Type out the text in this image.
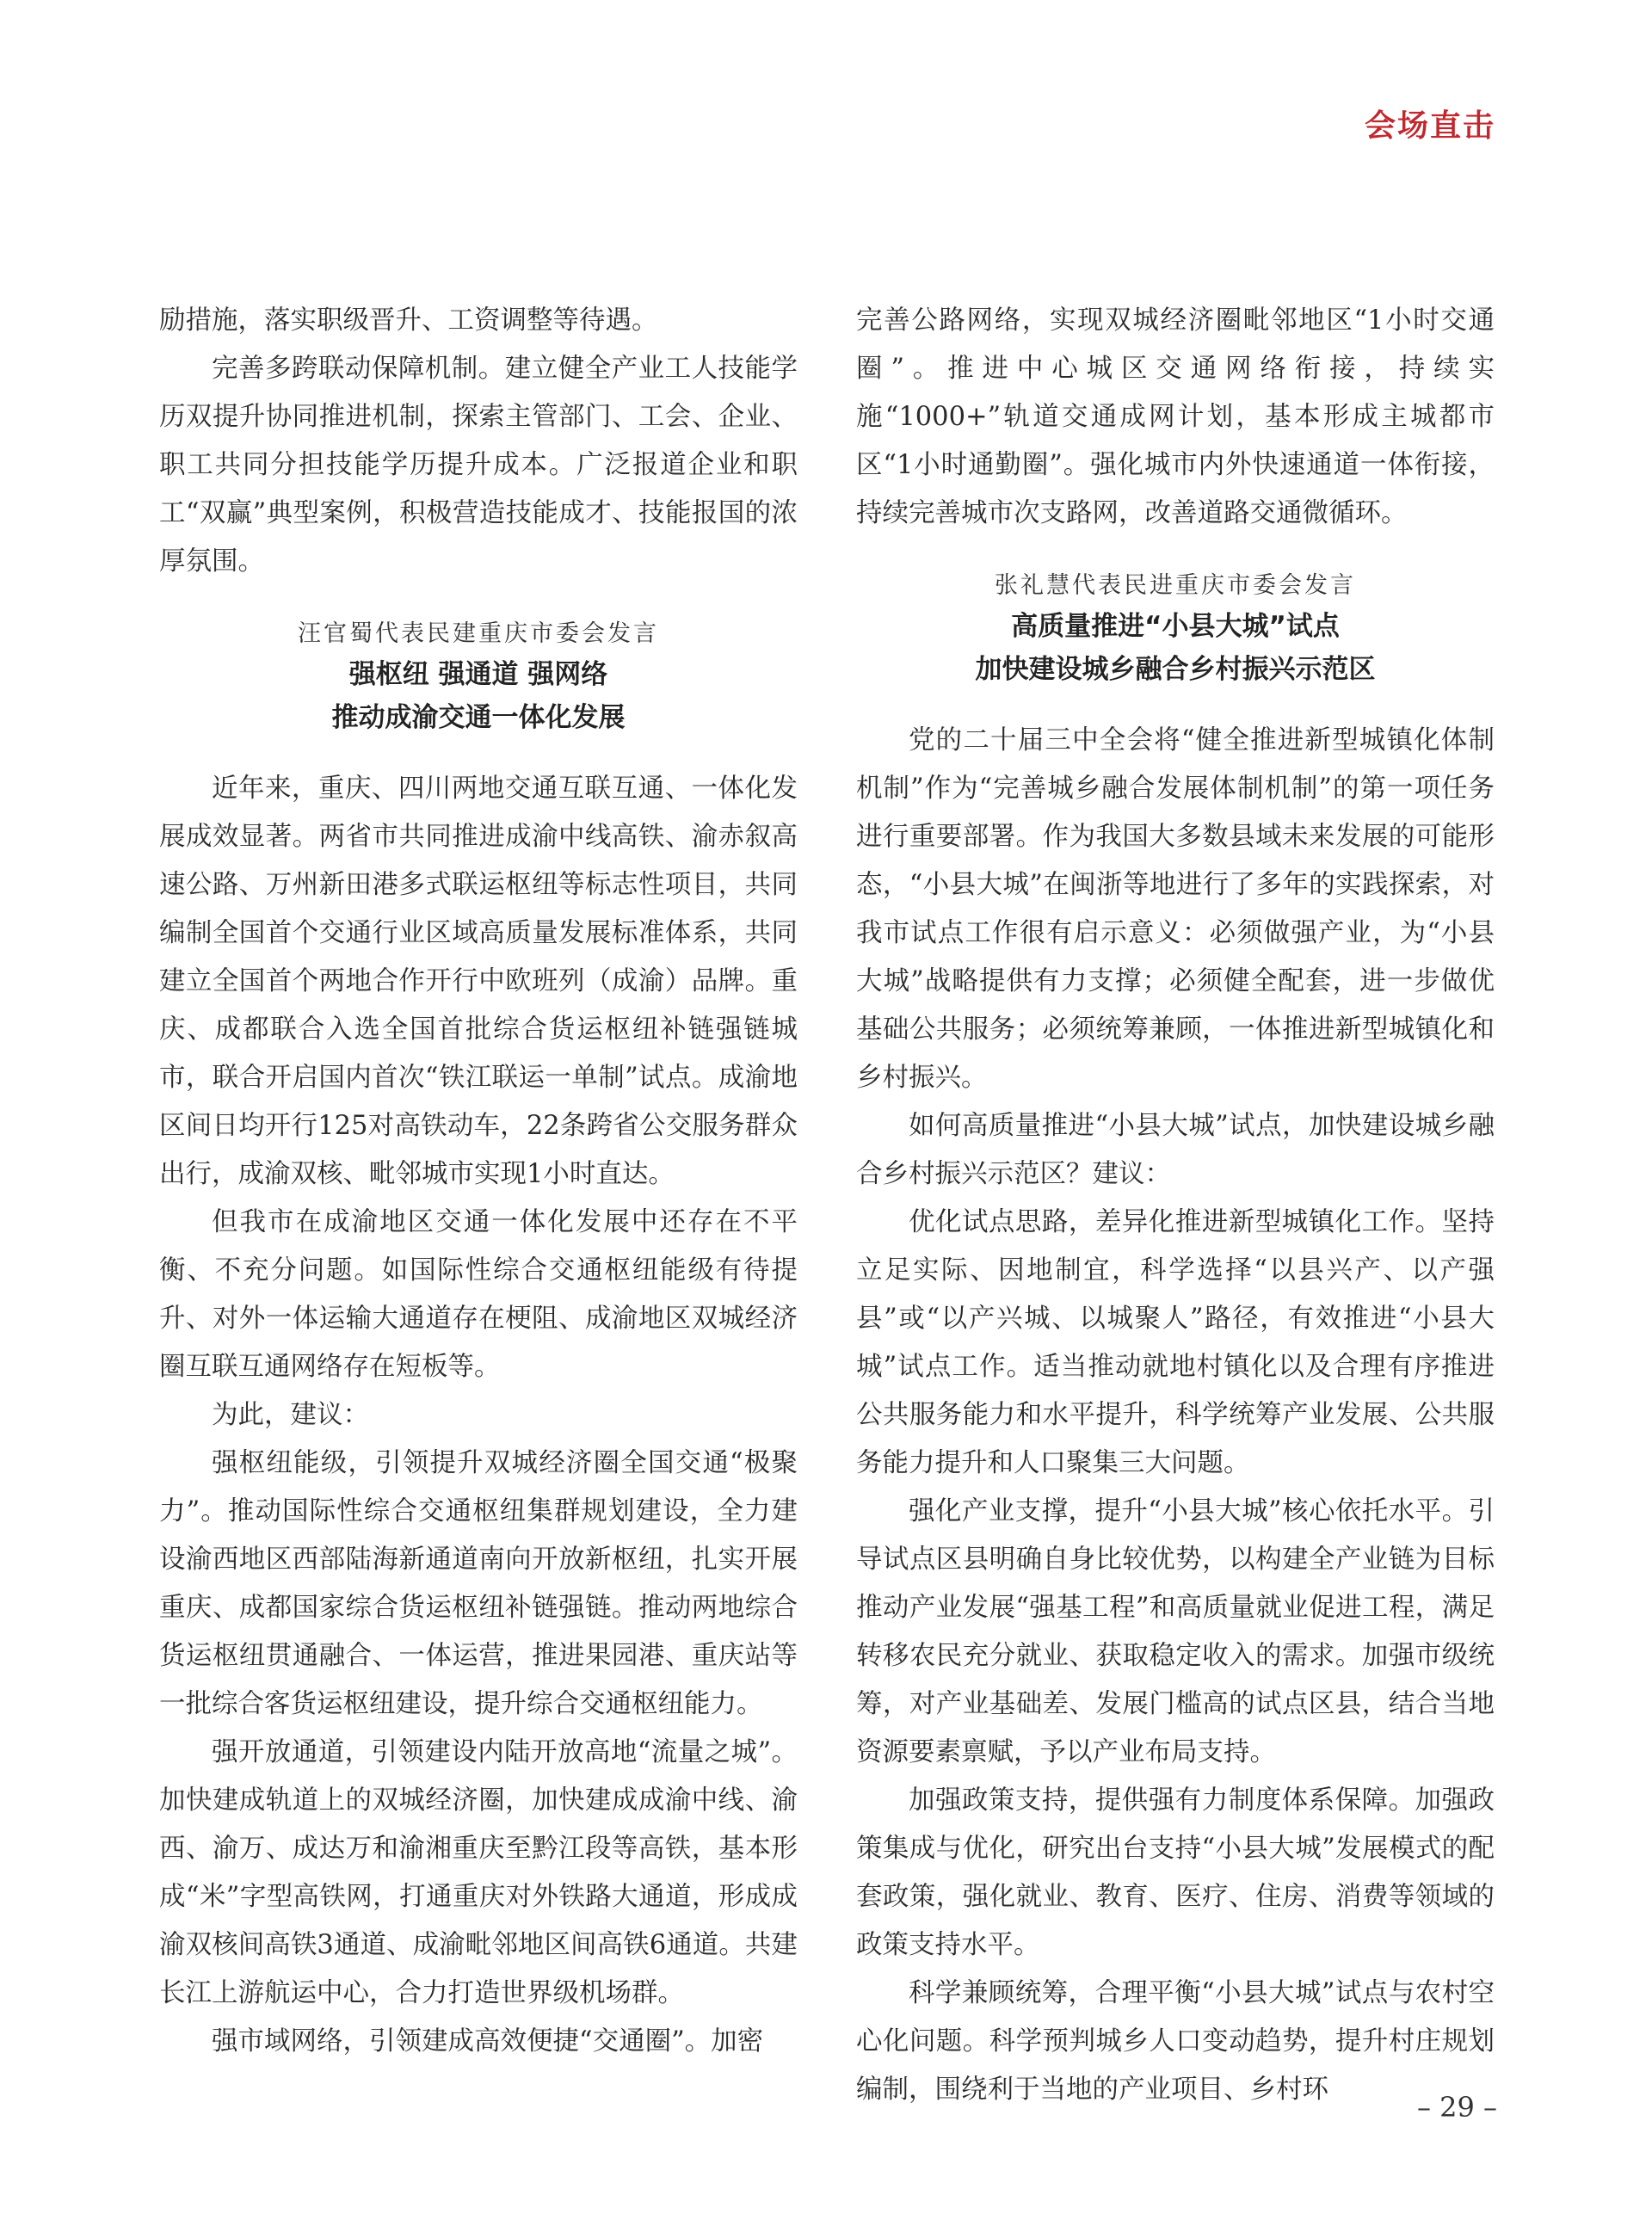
会场直击

励措施，落实职级晋升、工资调整等待遇。

完善多跨联动保障机制。建立健全产业工人技能学历双提升协同推进机制，探索主管部门、工会、企业、职工共同分担技能学历提升成本。广泛报道企业和职工“双赢”典型案例，积极营造技能成才、技能报国的浓厚氛围。

汪官蜀代表民建重庆市委会发言
强枢纽 强通道 强网络
推动成渝交通一体化发展

近年来，重庆、四川两地交通互联互通、一体化发展成效显著。两省市共同推进成渝中线高铁、渝赤叙高速公路、万州新田港多式联运枢纽等标志性项目，共同编制全国首个交通行业区域高质量发展标准体系，共同建立全国首个两地合作开行中欧班列（成渝）品牌。重庆、成都联合入选全国首批综合货运枢纽补链强链城市，联合开启国内首次“铁江联运一单制”试点。成渝地区间日均开行125对高铁动车，22条跨省公交服务群众出行，成渝双核、毗邻城市实现1小时直达。

但我市在成渝地区交通一体化发展中还存在不平衡、不充分问题。如国际性综合交通枢纽能级有待提升、对外一体运输大通道存在梗阻、成渝地区双城经济圈互联互通网络存在短板等。

为此，建议：

强枢纽能级，引领提升双城经济圈全国交通“极聚力”。推动国际性综合交通枢纽集群规划建设，全力建设渝西地区西部陆海新通道南向开放新枢纽，扎实开展重庆、成都国家综合货运枢纽补链强链。推动两地综合货运枢纽贯通融合、一体运营，推进果园港、重庆站等一批综合客货运枢纽建设，提升综合交通枢纽能力。

强开放通道，引领建设内陆开放高地“流量之城”。加快建成轨道上的双城经济圈，加快建成成渝中线、渝西、渝万、成达万和渝湘重庆至黔江段等高铁，基本形成“米”字型高铁网，打通重庆对外铁路大通道，形成成渝双核间高铁3通道、成渝毗邻地区间高铁6通道。共建长江上游航运中心，合力打造世界级机场群。

强市域网络，引领建成高效便捷“交通圈”。加密

完善公路网络，实现双城经济圈毗邻地区“1小时交通圈”。推进中心城区交通网络衔接，持续实施“1000+”轨道交通成网计划，基本形成主城都市区“1小时通勤圈”。强化城市内外快速通道一体衔接，持续完善城市次支路网，改善道路交通微循环。

张礼慧代表民进重庆市委会发言
高质量推进“小县大城”试点
加快建设城乡融合乡村振兴示范区

党的二十届三中全会将“健全推进新型城镇化体制机制”作为“完善城乡融合发展体制机制”的第一项任务进行重要部署。作为我国大多数县域未来发展的可能形态，“小县大城”在闽浙等地进行了多年的实践探索，对我市试点工作很有启示意义：必须做强产业，为“小县大城”战略提供有力支撑；必须健全配套，进一步做优基础公共服务；必须统筹兼顾，一体推进新型城镇化和乡村振兴。

如何高质量推进“小县大城”试点，加快建设城乡融合乡村振兴示范区？建议：

优化试点思路，差异化推进新型城镇化工作。坚持立足实际、因地制宜，科学选择“以县兴产、以产强县”或“以产兴城、以城聚人”路径，有效推进“小县大城”试点工作。适当推动就地村镇化以及合理有序推进公共服务能力和水平提升，科学统筹产业发展、公共服务能力提升和人口聚集三大问题。

强化产业支撑，提升“小县大城”核心依托水平。引导试点区县明确自身比较优势，以构建全产业链为目标推动产业发展“强基工程”和高质量就业促进工程，满足转移农民充分就业、获取稳定收入的需求。加强市级统筹，对产业基础差、发展门槛高的试点区县，结合当地资源要素禀赋，予以产业布局支持。

加强政策支持，提供强有力制度体系保障。加强政策集成与优化，研究出台支持“小县大城”发展模式的配套政策，强化就业、教育、医疗、住房、消费等领域的政策支持水平。

科学兼顾统筹，合理平衡“小县大城”试点与农村空心化问题。科学预判城乡人口变动趋势，提升村庄规划编制，围绕利于当地的产业项目、乡村环

– 29 –
